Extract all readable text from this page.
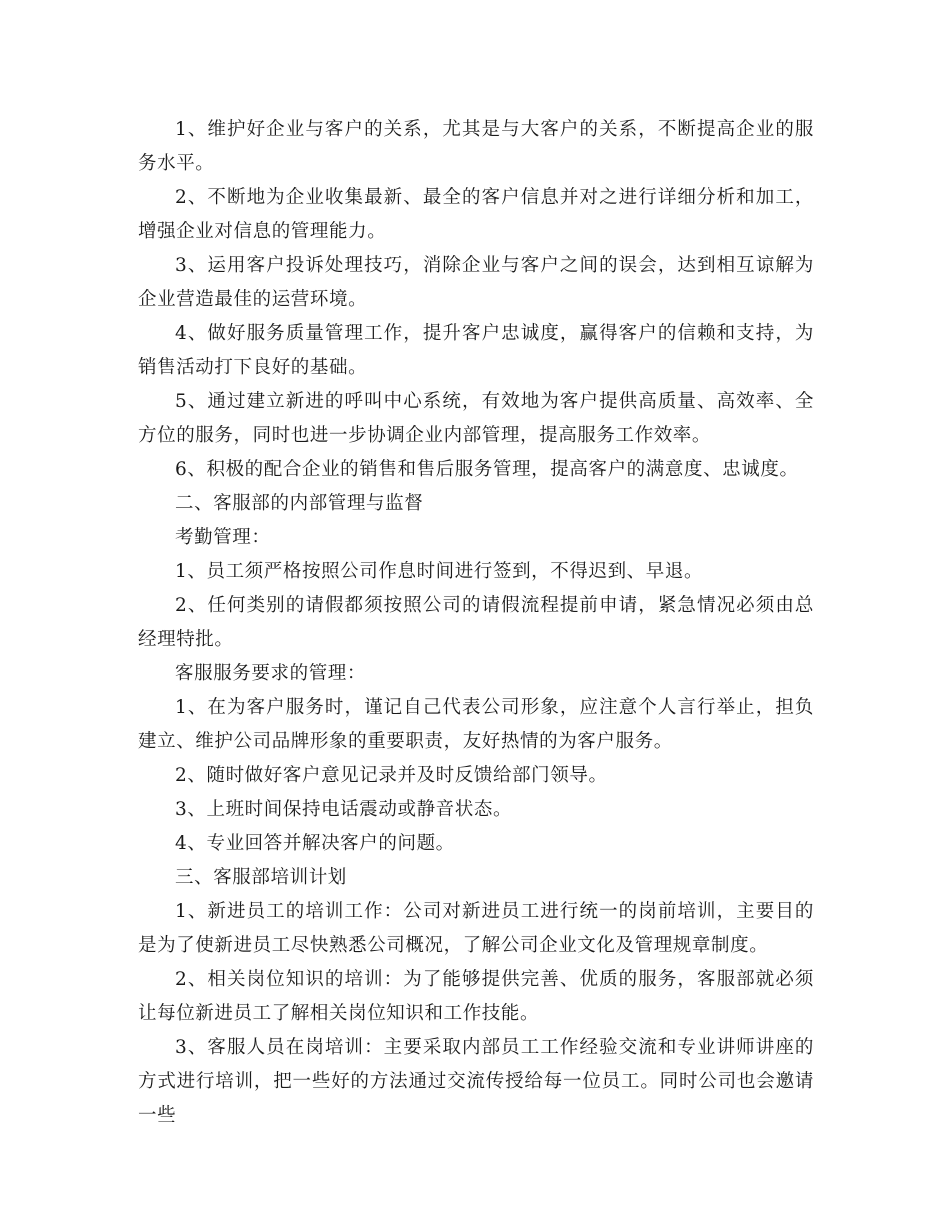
1、维护好企业与客户的关系，尤其是与大客户的关系，不断提高企业的服务水平。

2、不断地为企业收集最新、最全的客户信息并对之进行详细分析和加工，增强企业对信息的管理能力。

3、运用客户投诉处理技巧，消除企业与客户之间的误会，达到相互谅解为企业营造最佳的运营环境。

4、做好服务质量管理工作，提升客户忠诚度，赢得客户的信赖和支持，为销售活动打下良好的基础。

5、通过建立新进的呼叫中心系统，有效地为客户提供高质量、高效率、全方位的服务，同时也进一步协调企业内部管理，提高服务工作效率。

6、积极的配合企业的销售和售后服务管理，提高客户的满意度、忠诚度。

二、客服部的内部管理与监督

考勤管理：

1、员工须严格按照公司作息时间进行签到，不得迟到、早退。

2、任何类别的请假都须按照公司的请假流程提前申请，紧急情况必须由总经理特批。

客服服务要求的管理：

1、在为客户服务时，谨记自己代表公司形象，应注意个人言行举止，担负建立、维护公司品牌形象的重要职责，友好热情的为客户服务。

2、随时做好客户意见记录并及时反馈给部门领导。

3、上班时间保持电话震动或静音状态。

4、专业回答并解决客户的问题。

三、客服部培训计划

1、新进员工的培训工作：公司对新进员工进行统一的岗前培训，主要目的是为了使新进员工尽快熟悉公司概况，了解公司企业文化及管理规章制度。

2、相关岗位知识的培训：为了能够提供完善、优质的服务，客服部就必须让每位新进员工了解相关岗位知识和工作技能。

3、客服人员在岗培训：主要采取内部员工工作经验交流和专业讲师讲座的方式进行培训，把一些好的方法通过交流传授给每一位员工。同时公司也会邀请一些
